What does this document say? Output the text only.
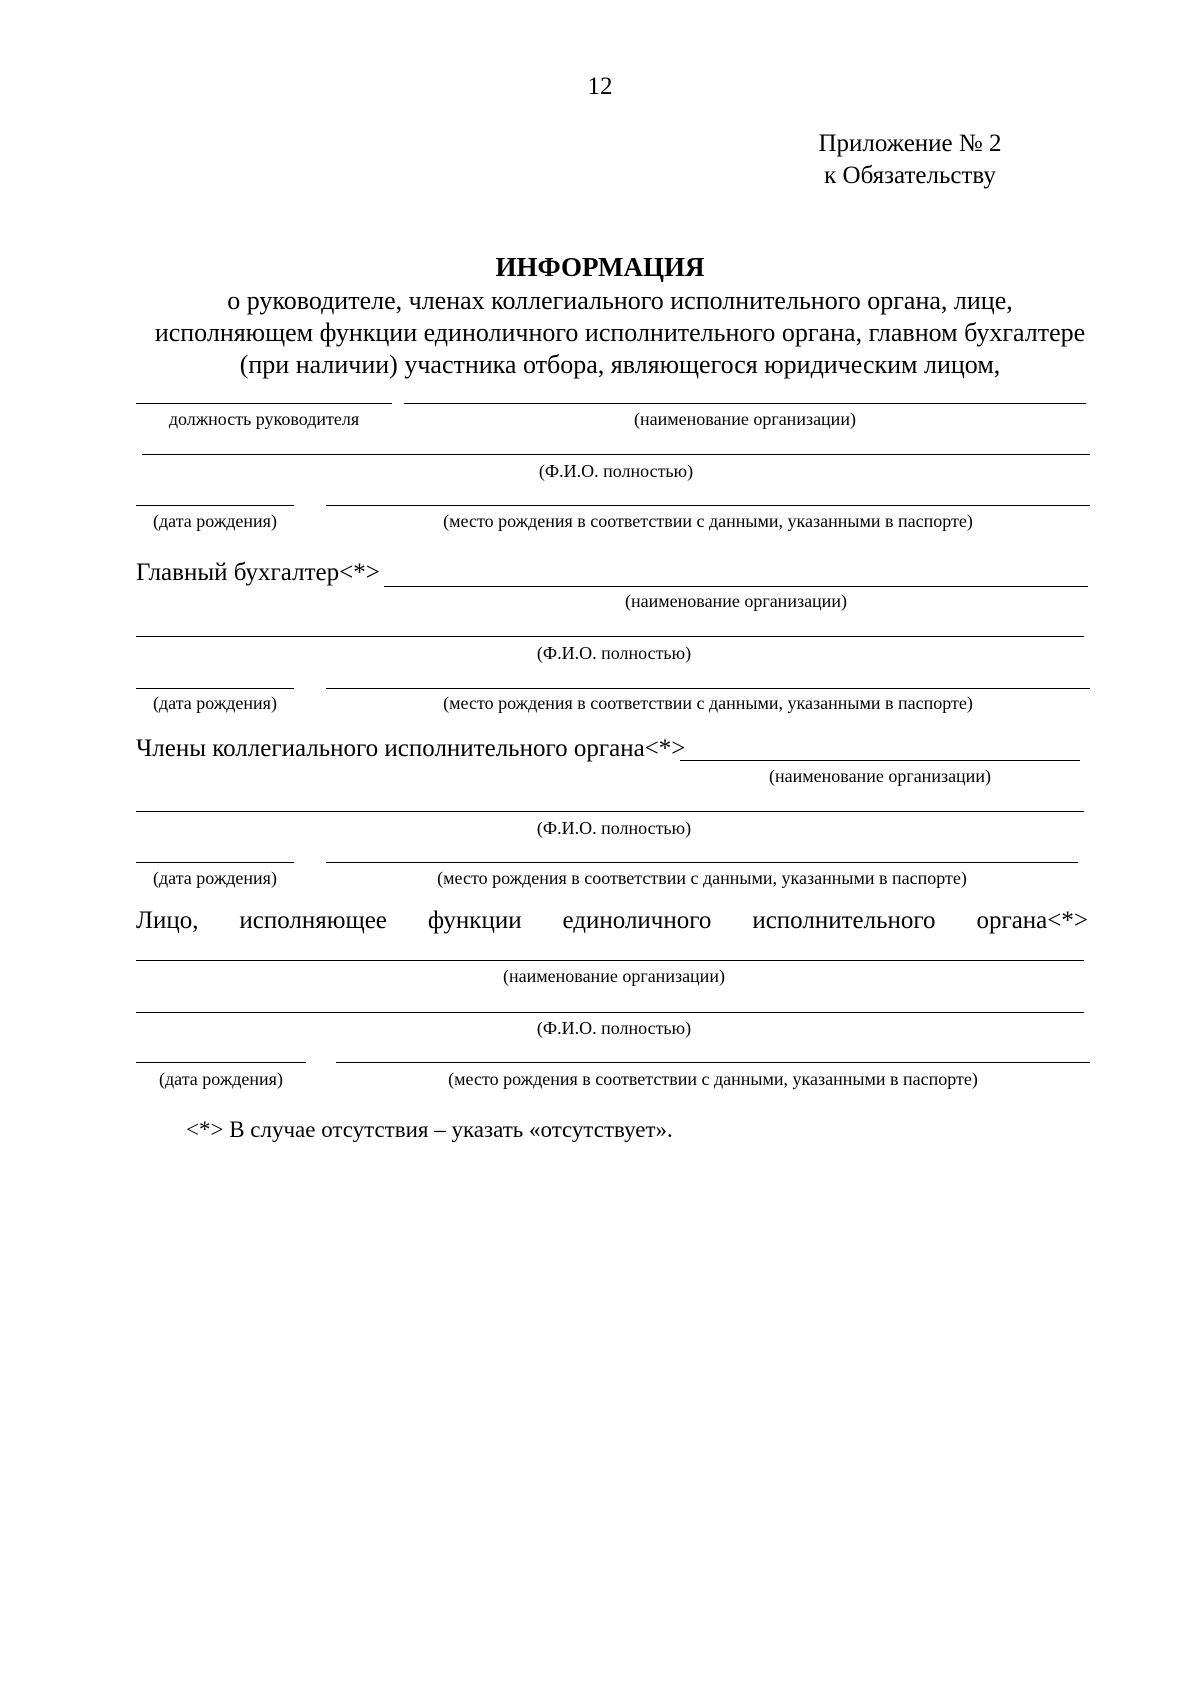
12
Приложение № 2
к Обязательству
ИНФОРМАЦИЯ
о руководителе, членах коллегиального исполнительного органа, лице,
исполняющем функции единоличного исполнительного органа, главном бухгалтере
(при наличии) участника отбора, являющегося юридическим лицом,
должность руководителя	(наименование организации)
(Ф.И.О. полностью)
(дата рождения)	(место рождения в соответствии с данными, указанными в паспорте)
Главный бухгалтер<*>
(наименование организации)
(Ф.И.О. полностью)
(дата рождения)	(место рождения в соответствии с данными, указанными в паспорте)
Члены коллегиального исполнительного органа<*>
(наименование организации)
(Ф.И.О. полностью)
(дата рождения)	(место рождения в соответствии с данными, указанными в паспорте)
Лицо, исполняющее функции единоличного исполнительного органа<*>
(наименование организации)
(Ф.И.О. полностью)
(дата рождения)	(место рождения в соответствии с данными, указанными в паспорте)
<*> В случае отсутствия – указать «отсутствует».
